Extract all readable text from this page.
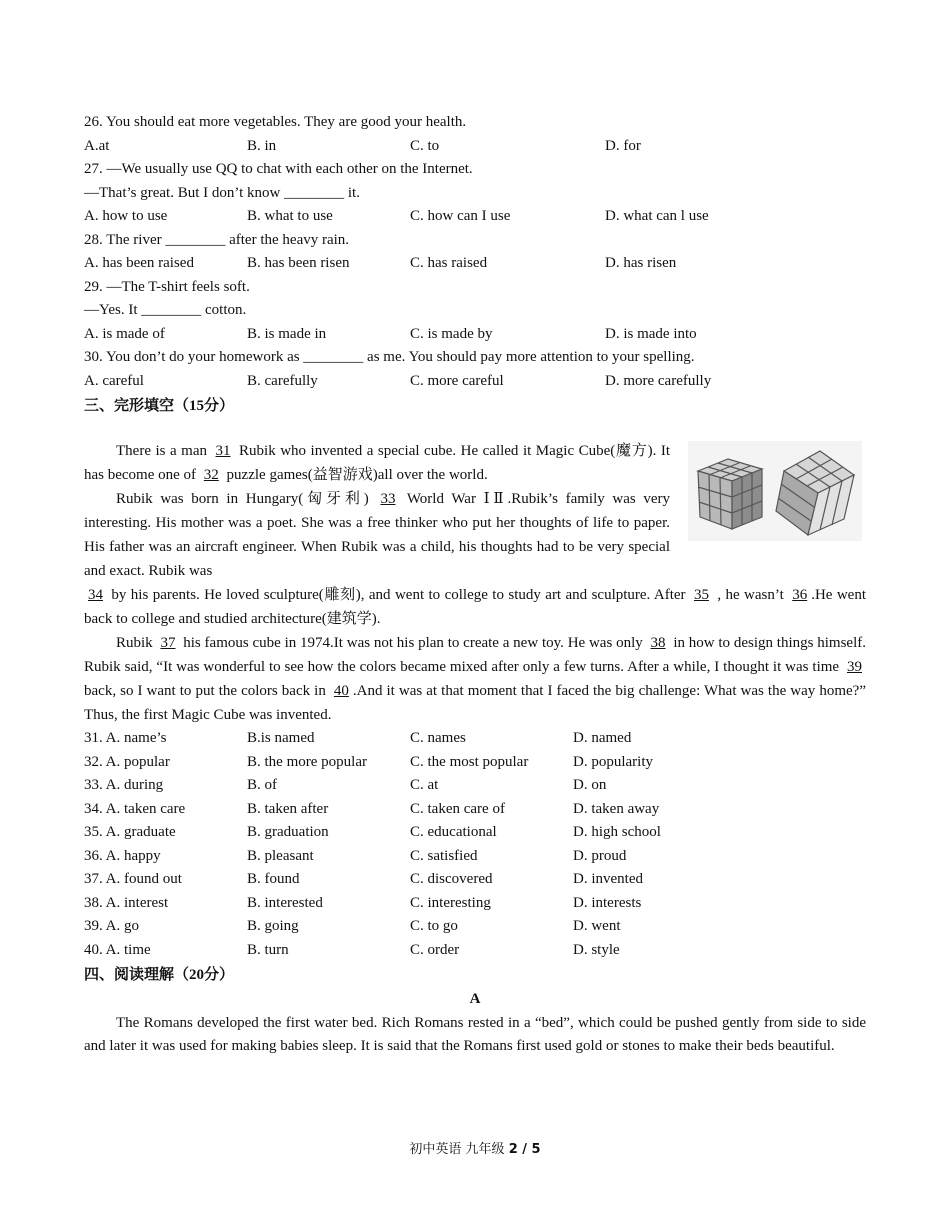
26. You should eat more vegetables. They are good your health.
A.at	B. in	C. to	D. for
27. —We usually use QQ to chat with each other on the Internet.
—That’s great. But I don’t know ________ it.
A. how to use	B. what to use	C. how can I use	D. what can l use
28. The river ________ after the heavy rain.
A. has been raised	B. has been risen	C. has raised	D. has risen
29. —The T-shirt feels soft.
—Yes. It ________ cotton.
A. is made of	B. is made in	C. is made by	D. is made into
30. You don’t do your homework as ________ as me. You should pay more attention to your spelling.
A. careful	B. carefully	C. more careful	D. more carefully
三、完形填空（15分）

There is a man 31 Rubik who invented a special cube. He called it Magic Cube(魔方). It has become one of 32 puzzle games(益智游戏)all over the world.

Rubik was born in Hungary(匈牙利) 33 World War ⅠⅡ.Rubik’s family was very interesting. His mother was a poet. She was a free thinker who put her thoughts of life to paper. His father was an aircraft engineer. When Rubik was a child, his thoughts had to be very special and exact. Rubik was

34 by his parents. He loved sculpture(雕刻), and went to college to study art and sculpture. After 35 , he wasn’t 36 .He went back to college and studied architecture(建筑学).

Rubik 37 his famous cube in 1974.It was not his plan to create a new toy. He was only 38 in how to design things himself. Rubik said, “It was wonderful to see how the colors became mixed after only a few turns. After a while, I thought it was time 39 back, so I want to put the colors back in 40 .And it was at that moment that I faced the big challenge: What was the way home?” Thus, the first Magic Cube was invented.

31. A. name’s	B.is named	C. names	D. named
32. A. popular	B. the more popular	C. the most popular	D. popularity
33. A. during	B. of	C. at	D. on
34. A. taken care	B. taken after	C. taken care of	D. taken away
35. A. graduate	B. graduation	C. educational	D. high school
36. A. happy	B. pleasant	C. satisfied	D. proud
37. A. found out	B. found	C. discovered	D. invented
38. A. interest	B. interested	C. interesting	D. interests
39. A. go	B. going	C. to go	D. went
40. A. time	B. turn	C. order	D. style
四、阅读理解（20分）
A

The Romans developed the first water bed. Rich Romans rested in a “bed”, which could be pushed gently from side to side and later it was used for making babies sleep. It is said that the Romans first used gold or stones to make their beds beautiful.

初中英语 九年级 2 / 5
